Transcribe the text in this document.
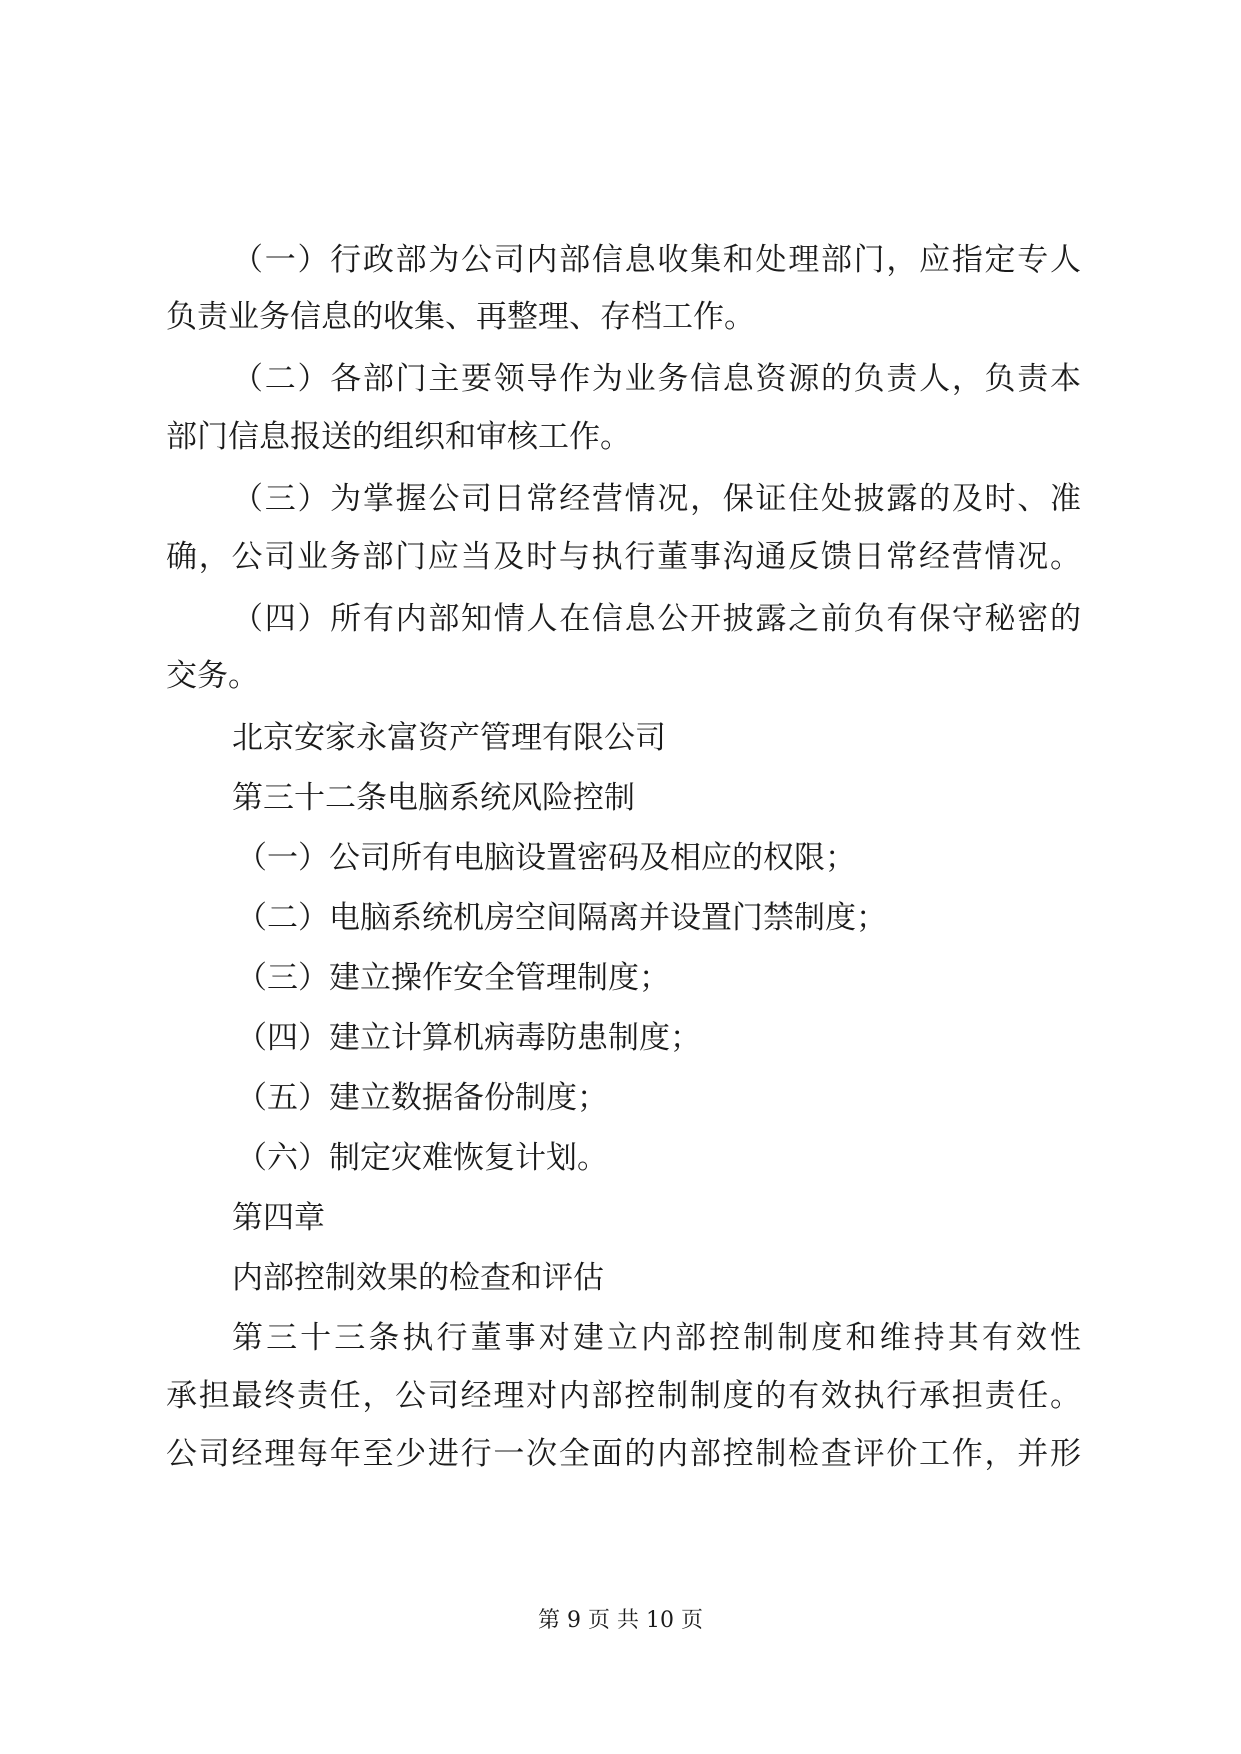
（一）行政部为公司内部信息收集和处理部门，应指定专人

负责业务信息的收集、再整理、存档工作。

（二）各部门主要领导作为业务信息资源的负责人，负责本

部门信息报送的组织和审核工作。

（三）为掌握公司日常经营情况，保证住处披露的及时、准

确，公司业务部门应当及时与执行董事沟通反馈日常经营情况。

（四）所有内部知情人在信息公开披露之前负有保守秘密的

交务。

北京安家永富资产管理有限公司

第三十二条电脑系统风险控制

（一）公司所有电脑设置密码及相应的权限；

（二）电脑系统机房空间隔离并设置门禁制度；

（三）建立操作安全管理制度；

（四）建立计算机病毒防患制度；

（五）建立数据备份制度；

（六）制定灾难恢复计划。

第四章

内部控制效果的检查和评估

第三十三条执行董事对建立内部控制制度和维持其有效性

承担最终责任，公司经理对内部控制制度的有效执行承担责任。

公司经理每年至少进行一次全面的内部控制检查评价工作，并形

第 9 页 共 10 页
